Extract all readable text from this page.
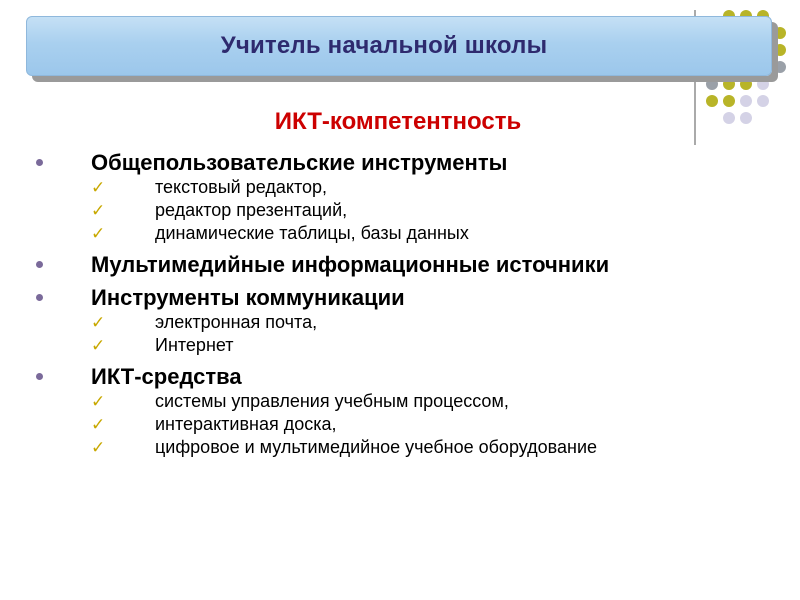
Учитель начальной школы
ИКТ-компетентность
Общепользовательские инструменты
✓	текстовый редактор,
✓	редактор презентаций,
✓	динамические таблицы, базы данных
Мультимедийные информационные источники
Инструменты коммуникации
✓	электронная почта,
✓	Интернет
ИКТ-средства
✓	системы управления учебным процессом,
✓	интерактивная доска,
✓	цифровое и мультимедийное учебное оборудование
